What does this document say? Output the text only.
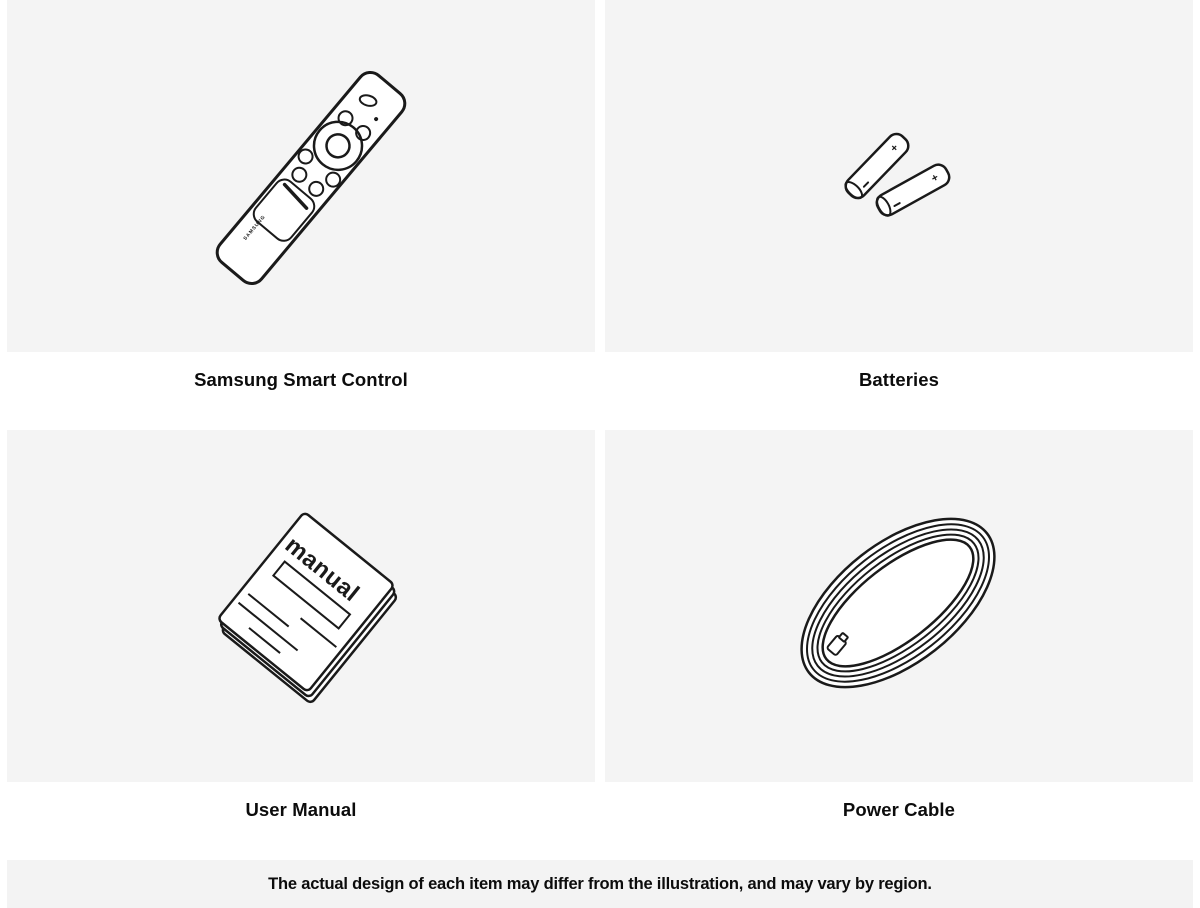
SAMSUNG
Samsung Smart Control
+
+
Batteries
manual
User Manual	Power Cable
The actual design of each item may differ from the illustration, and may vary by region.
